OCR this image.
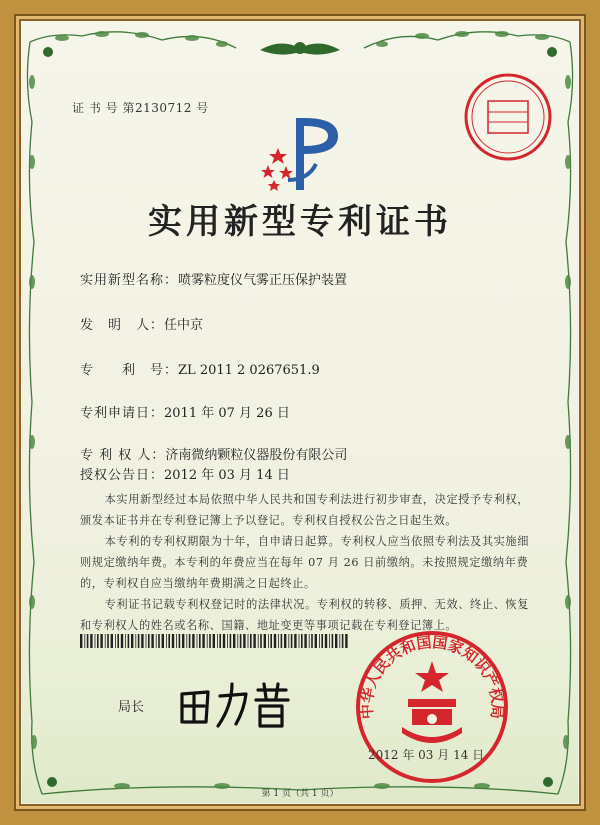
证 书 号 第2130712 号
实用新型专利证书
实用新型名称：喷雾粒度仪气雾正压保护装置
发　明　人：任中京
专　　利　号：ZL 2011 2 0267651.9
专利申请日：2011 年 07 月 26 日
专 利 权 人：济南微纳颗粒仪器股份有限公司
授权公告日：2012 年 03 月 14 日

本实用新型经过本局依照中华人民共和国专利法进行初步审查，决定授予专利权，颁发本证书并在专利登记簿上予以登记。专利权自授权公告之日起生效。

本专利的专利权期限为十年，自申请日起算。专利权人应当依照专利法及其实施细则规定缴纳年费。本专利的年费应当在每年 07 月 26 日前缴纳。未按照规定缴纳年费的，专利权自应当缴纳年费期满之日起终止。

专利证书记载专利权登记时的法律状况。专利权的转移、质押、无效、终止、恢复和专利权人的姓名或名称、国籍、地址变更等事项记载在专利登记簿上。

局长	中华人民共和国国家知识产权局
2012 年 03 月 14 日
第 1 页（共 1 页）
